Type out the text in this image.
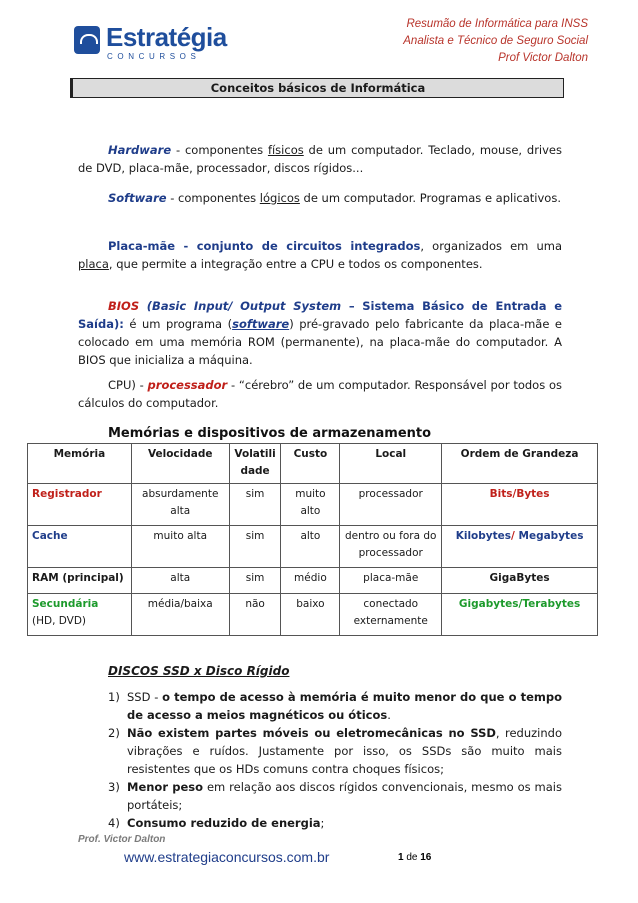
Estratégia
CONCURSOS
Resumão de Informática para INSS
Analista e Técnico de Seguro Social
Prof Victor Dalton
Conceitos básicos de Informática
Hardware - componentes físicos de um computador. Teclado, mouse, drives de DVD, placa-mãe, processador, discos rígidos...
Software - componentes lógicos de um computador. Programas e aplicativos.
Placa-mãe - conjunto de circuitos integrados, organizados em uma placa, que permite a integração entre a CPU e todos os componentes.
BIOS (Basic Input/ Output System – Sistema Básico de Entrada e Saída): é um programa (software) pré-gravado pelo fabricante da placa-mãe e colocado em uma memória ROM (permanente), na placa-mãe do computador. A BIOS que inicializa a máquina.
CPU) - processador - “cérebro” de um computador. Responsável por todos os cálculos do computador.
Memórias e dispositivos de armazenamento
Memória	Velocidade	Volatilidade	Custo	Local	Ordem de Grandeza
Registrador	absurdamente alta	sim	muito alto	processador	Bits/Bytes
Cache	muito alta	sim	alto	dentro ou fora do processador	Kilobytes/ Megabytes
RAM (principal)	alta	sim	médio	placa-mãe	GigaBytes

Secundária
(HD, DVD)	média/baixa	não	baixo	conectado externamente	Gigabytes/Terabytes
DISCOS SSD x Disco Rígido
1) SSD - o tempo de acesso à memória é muito menor do que o tempo de acesso a meios magnéticos ou óticos.
2) Não existem partes móveis ou eletromecânicas no SSD, reduzindo vibrações e ruídos. Justamente por isso, os SSDs são muito mais resistentes que os HDs comuns contra choques físicos;
3) Menor peso em relação aos discos rígidos convencionais, mesmo os mais portáteis;
4) Consumo reduzido de energia;
Prof. Victor Dalton
www.estrategiaconcursos.com.br	1 de 16
